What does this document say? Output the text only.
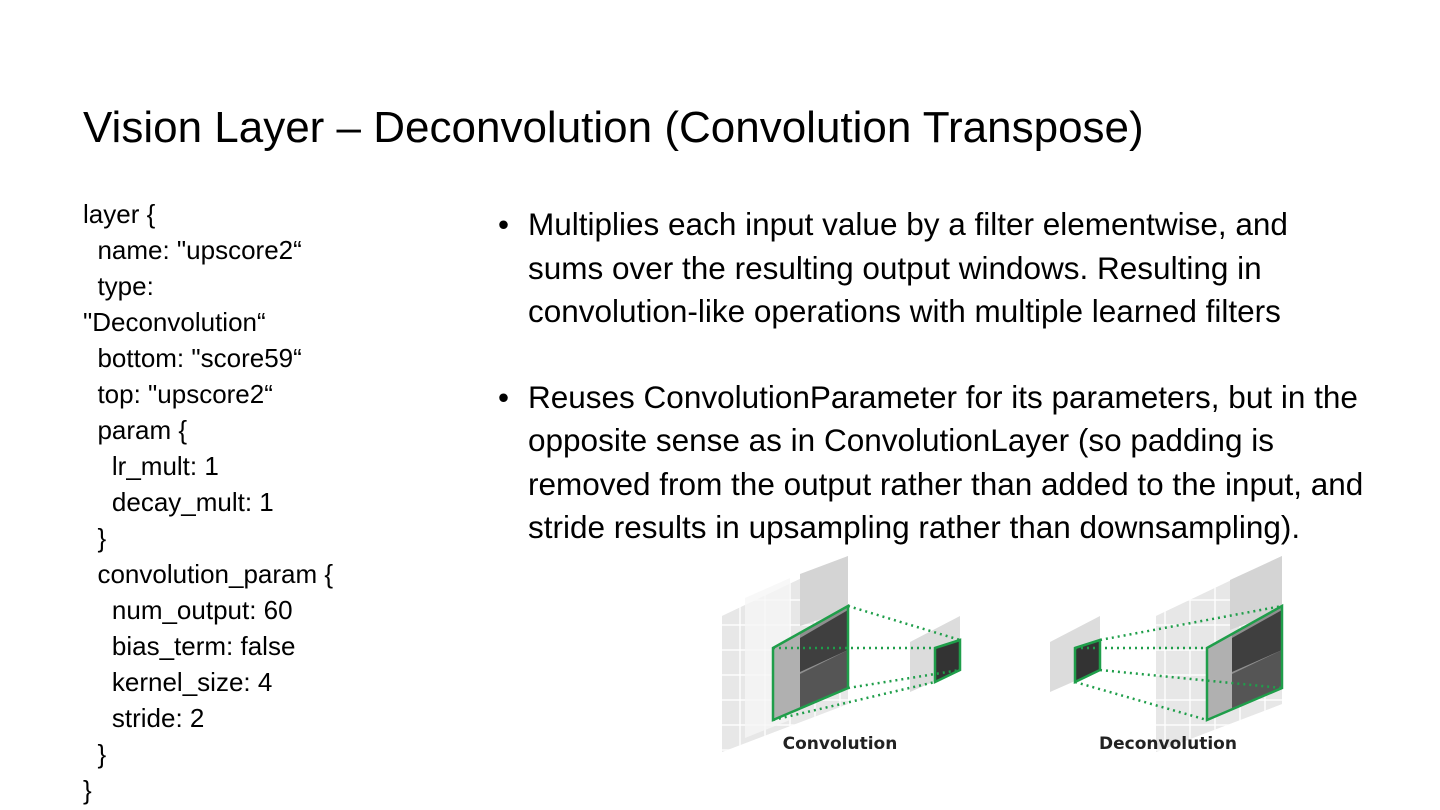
Vision Layer – Deconvolution (Convolution Transpose)
layer {
name: "upscore2“
type:
"Deconvolution“
bottom: "score59“
top: "upscore2“
param {
lr_mult: 1
decay_mult: 1
}
convolution_param {
num_output: 60
bias_term: false
kernel_size: 4
stride: 2
}
}
• Multiplies each input value by a filter elementwise, and sums over the resulting output windows. Resulting in convolution-like operations with multiple learned filters
• Reuses ConvolutionParameter for its parameters, but in the opposite sense as in ConvolutionLayer (so padding is removed from the output rather than added to the input, and stride results in upsampling rather than downsampling).
Convolution	Deconvolution
